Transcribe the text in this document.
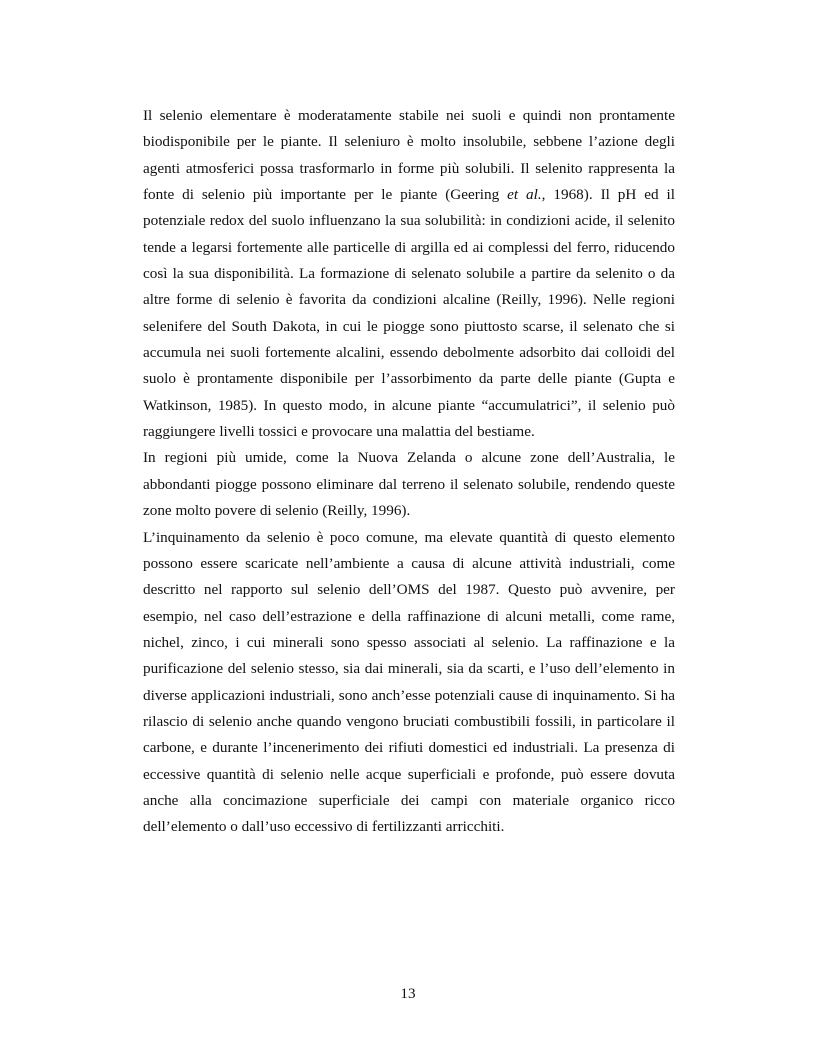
Il selenio elementare è moderatamente stabile nei suoli e quindi non prontamente biodisponibile per le piante. Il seleniuro è molto insolubile, sebbene l’azione degli agenti atmosferici possa trasformarlo in forme più solubili. Il selenito rappresenta la fonte di selenio più importante per le piante (Geering et al., 1968). Il pH ed il potenziale redox del suolo influenzano la sua solubilità: in condizioni acide, il selenito tende a legarsi fortemente alle particelle di argilla ed ai complessi del ferro, riducendo così la sua disponibilità. La formazione di selenato solubile a partire da selenito o da altre forme di selenio è favorita da condizioni alcaline (Reilly, 1996). Nelle regioni selenifere del South Dakota, in cui le piogge sono piuttosto scarse, il selenato che si accumula nei suoli fortemente alcalini, essendo debolmente adsorbito dai colloidi del suolo è prontamente disponibile per l’assorbimento da parte delle piante (Gupta e Watkinson, 1985). In questo modo, in alcune piante “accumulatrici”, il selenio può raggiungere livelli tossici e provocare una malattia del bestiame.

In regioni più umide, come la Nuova Zelanda o alcune zone dell’Australia, le abbondanti piogge possono eliminare dal terreno il selenato solubile, rendendo queste zone molto povere di selenio (Reilly, 1996).

L’inquinamento da selenio è poco comune, ma elevate quantità di questo elemento possono essere scaricate nell’ambiente a causa di alcune attività industriali, come descritto nel rapporto sul selenio dell’OMS del 1987. Questo può avvenire, per esempio, nel caso dell’estrazione e della raffinazione di alcuni metalli, come rame, nichel, zinco, i cui minerali sono spesso associati al selenio. La raffinazione e la purificazione del selenio stesso, sia dai minerali, sia da scarti, e l’uso dell’elemento in diverse applicazioni industriali, sono anch’esse potenziali cause di inquinamento. Si ha rilascio di selenio anche quando vengono bruciati combustibili fossili, in particolare il carbone, e durante l’incenerimento dei rifiuti domestici ed industriali. La presenza di eccessive quantità di selenio nelle acque superficiali e profonde, può essere dovuta anche alla concimazione superficiale dei campi con materiale organico ricco dell’elemento o dall’uso eccessivo di fertilizzanti arricchiti.

13
